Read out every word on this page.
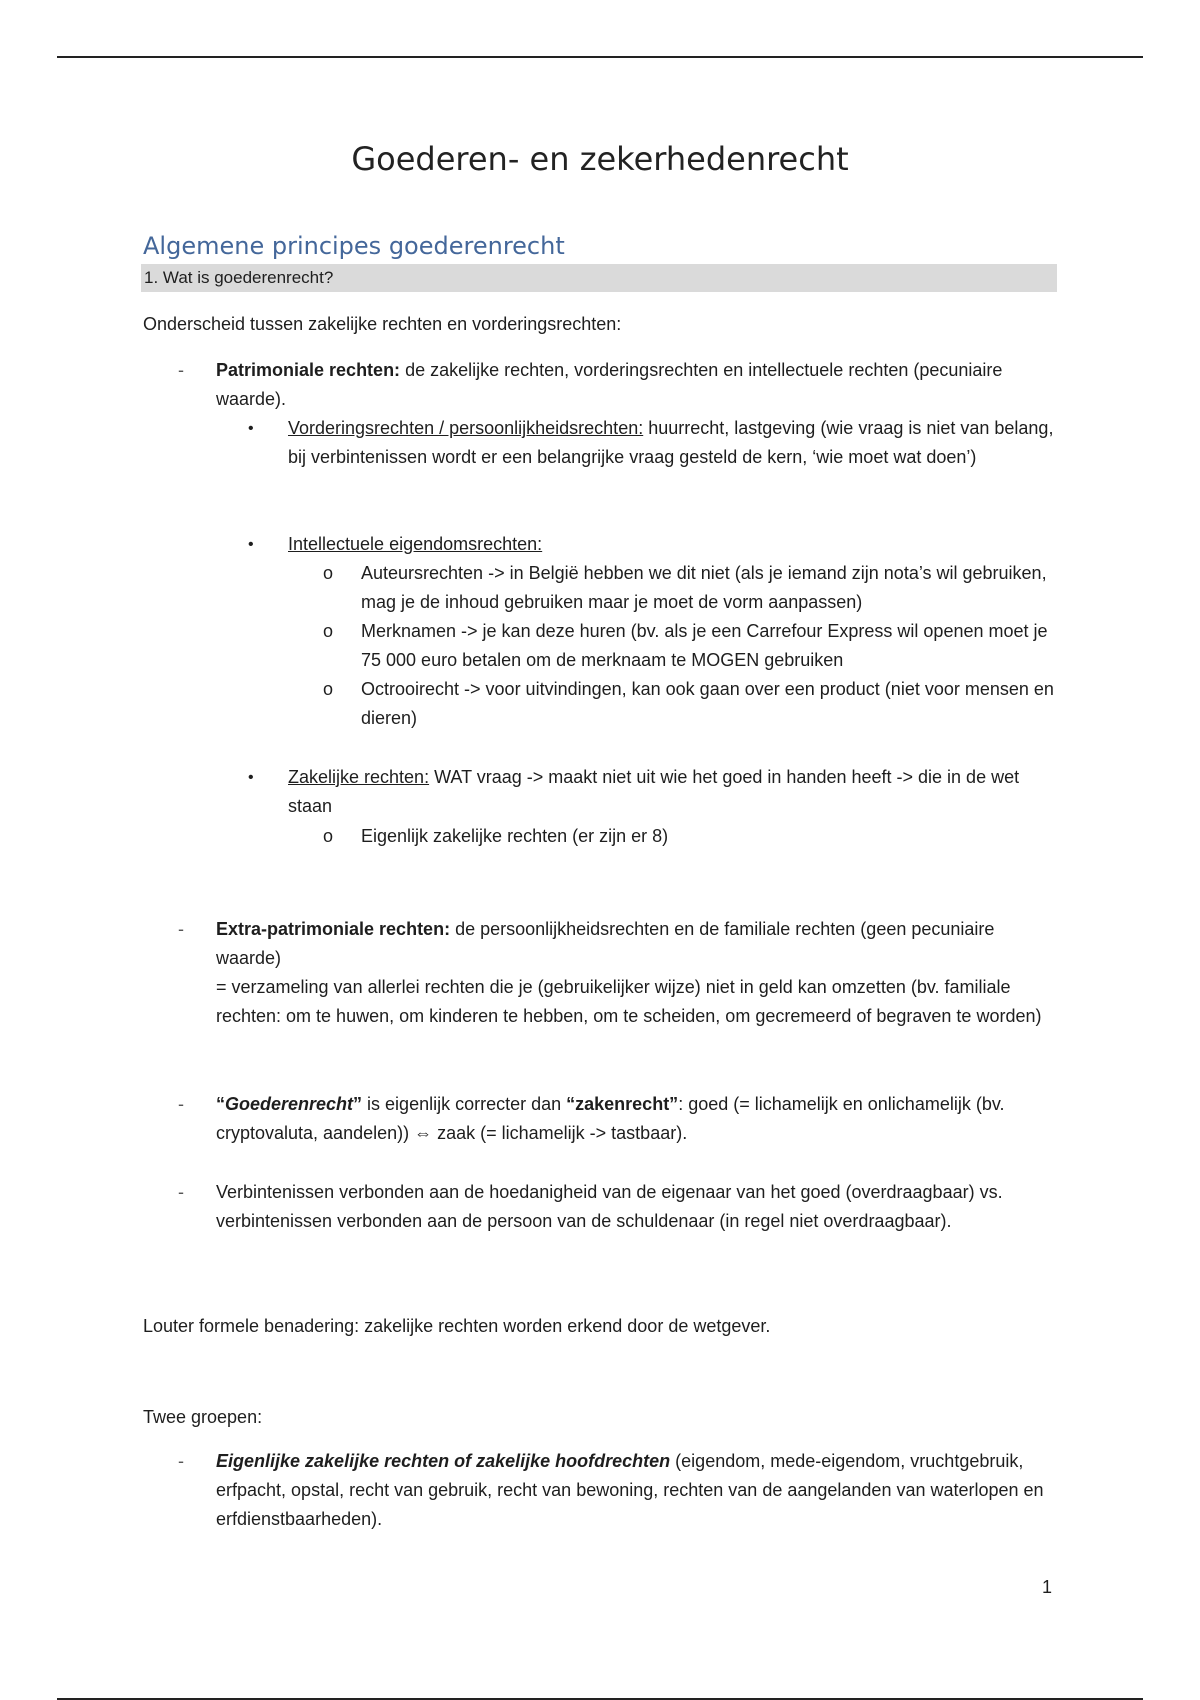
Goederen- en zekerhedenrecht
Algemene principes goederenrecht
1. Wat is goederenrecht?
Onderscheid tussen zakelijke rechten en vorderingsrechten:
-	Patrimoniale rechten: de zakelijke rechten, vorderingsrechten en intellectuele rechten (pecuniaire waarde).
•	Vorderingsrechten / persoonlijkheidsrechten: huurrecht, lastgeving (wie vraag is niet van belang, bij verbintenissen wordt er een belangrijke vraag gesteld de kern, ‘wie moet wat doen’)
•	Intellectuele eigendomsrechten:
o	Auteursrechten -> in België hebben we dit niet (als je iemand zijn nota’s wil gebruiken, mag je de inhoud gebruiken maar je moet de vorm aanpassen)
o	Merknamen -> je kan deze huren (bv. als je een Carrefour Express wil openen moet je 75 000 euro betalen om de merknaam te MOGEN gebruiken
o	Octrooirecht -> voor uitvindingen, kan ook gaan over een product (niet voor mensen en dieren)
•	Zakelijke rechten: WAT vraag -> maakt niet uit wie het goed in handen heeft -> die in de wet staan
o	Eigenlijk zakelijke rechten (er zijn er 8)
-	Extra-patrimoniale rechten: de persoonlijkheidsrechten en de familiale rechten (geen pecuniaire waarde)
= verzameling van allerlei rechten die je (gebruikelijker wijze) niet in geld kan omzetten (bv. familiale rechten: om te huwen, om kinderen te hebben, om te scheiden, om gecremeerd of begraven te worden)
-	“Goederenrecht” is eigenlijk correcter dan “zakenrecht”: goed (= lichamelijk en onlichamelijk (bv. cryptovaluta, aandelen)) ⇔ zaak (= lichamelijk -> tastbaar).
-	Verbintenissen verbonden aan de hoedanigheid van de eigenaar van het goed (overdraagbaar) vs. verbintenissen verbonden aan de persoon van de schuldenaar (in regel niet overdraagbaar).
Louter formele benadering: zakelijke rechten worden erkend door de wetgever.
Twee groepen:
-	Eigenlijke zakelijke rechten of zakelijke hoofdrechten (eigendom, mede-eigendom, vruchtgebruik, erfpacht, opstal, recht van gebruik, recht van bewoning, rechten van de aangelanden van waterlopen en erfdienstbaarheden).
1
